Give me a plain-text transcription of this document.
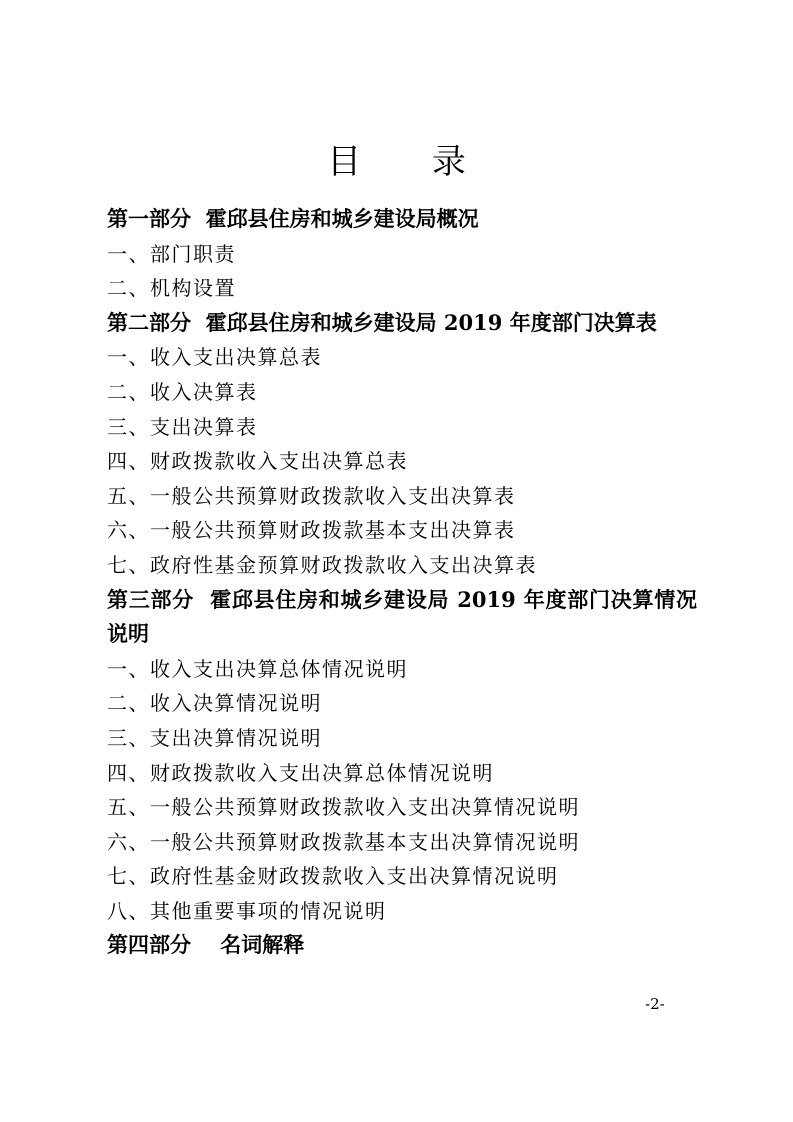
目 录
第一部分  霍邱县住房和城乡建设局概况
一、部门职责
二、机构设置
第二部分  霍邱县住房和城乡建设局 2019 年度部门决算表
一、收入支出决算总表
二、收入决算表
三、支出决算表
四、财政拨款收入支出决算总表
五、一般公共预算财政拨款收入支出决算表
六、一般公共预算财政拨款基本支出决算表
七、政府性基金预算财政拨款收入支出决算表
第三部分  霍邱县住房和城乡建设局 2019 年度部门决算情况说明
一、收入支出决算总体情况说明
二、收入决算情况说明
三、支出决算情况说明
四、财政拨款收入支出决算总体情况说明
五、一般公共预算财政拨款收入支出决算情况说明
六、一般公共预算财政拨款基本支出决算情况说明
七、政府性基金财政拨款收入支出决算情况说明
八、其他重要事项的情况说明
第四部分    名词解释
-2-
